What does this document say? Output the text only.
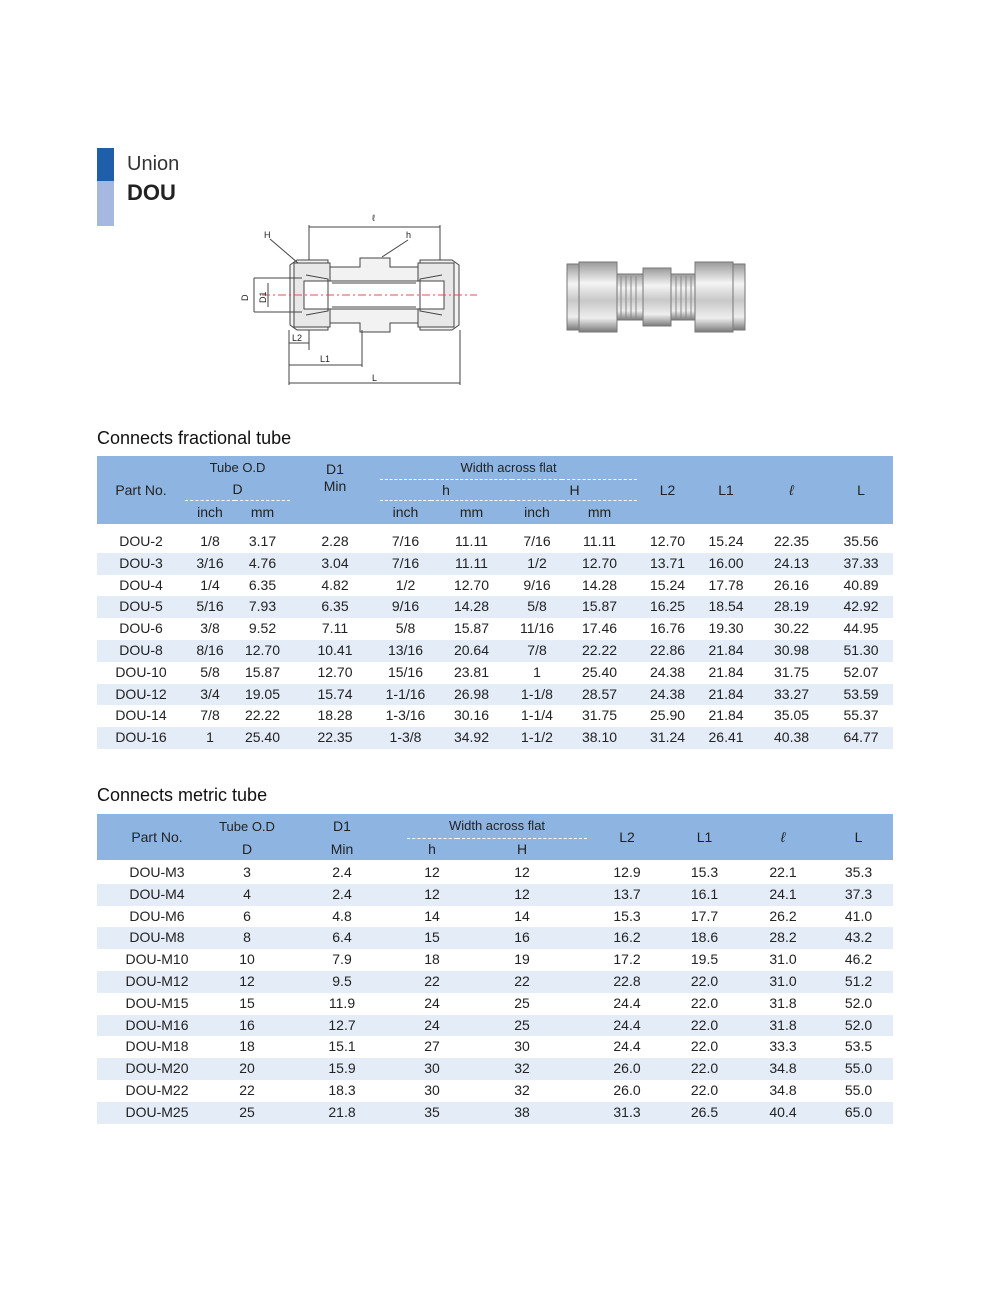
Union
DOU
ℓ
H	h
D D1
L2
L1
L
Connects fractional tube
Part No.	Tube O.D		D1
Min	Width across flat				L2	L1	ℓ	L
	D			h		H					
	inch	mm		inch	mm	inch	mm				

DOU-2	1/8	3.17	2.28	7/16	11.11	7/16	11.11	12.70	15.24	22.35	35.56
DOU-3	3/16	4.76	3.04	7/16	11.11	1/2	12.70	13.71	16.00	24.13	37.33
DOU-4	1/4	6.35	4.82	1/2	12.70	9/16	14.28	15.24	17.78	26.16	40.89
DOU-5	5/16	7.93	6.35	9/16	14.28	5/8	15.87	16.25	18.54	28.19	42.92
DOU-6	3/8	9.52	7.11	5/8	15.87	11/16	17.46	16.76	19.30	30.22	44.95
DOU-8	8/16	12.70	10.41	13/16	20.64	7/8	22.22	22.86	21.84	30.98	51.30
DOU-10	5/8	15.87	12.70	15/16	23.81	1	25.40	24.38	21.84	31.75	52.07
DOU-12	3/4	19.05	15.74	1-1/16	26.98	1-1/8	28.57	24.38	21.84	33.27	53.59
DOU-14	7/8	22.22	18.28	1-3/16	30.16	1-1/4	31.75	25.90	21.84	35.05	55.37
DOU-16	1	25.40	22.35	1-3/8	34.92	1-1/2	38.10	31.24	26.41	40.38	64.77
Connects metric tube
Part No.	Tube O.D	D1	Width across flat		L2	L1	ℓ	L
	D	Min	h	H				

DOU-M3	3	2.4	12	12	12.9	15.3	22.1	35.3
DOU-M4	4	2.4	12	12	13.7	16.1	24.1	37.3
DOU-M6	6	4.8	14	14	15.3	17.7	26.2	41.0
DOU-M8	8	6.4	15	16	16.2	18.6	28.2	43.2
DOU-M10	10	7.9	18	19	17.2	19.5	31.0	46.2
DOU-M12	12	9.5	22	22	22.8	22.0	31.0	51.2
DOU-M15	15	11.9	24	25	24.4	22.0	31.8	52.0
DOU-M16	16	12.7	24	25	24.4	22.0	31.8	52.0
DOU-M18	18	15.1	27	30	24.4	22.0	33.3	53.5
DOU-M20	20	15.9	30	32	26.0	22.0	34.8	55.0
DOU-M22	22	18.3	30	32	26.0	22.0	34.8	55.0
DOU-M25	25	21.8	35	38	31.3	26.5	40.4	65.0
